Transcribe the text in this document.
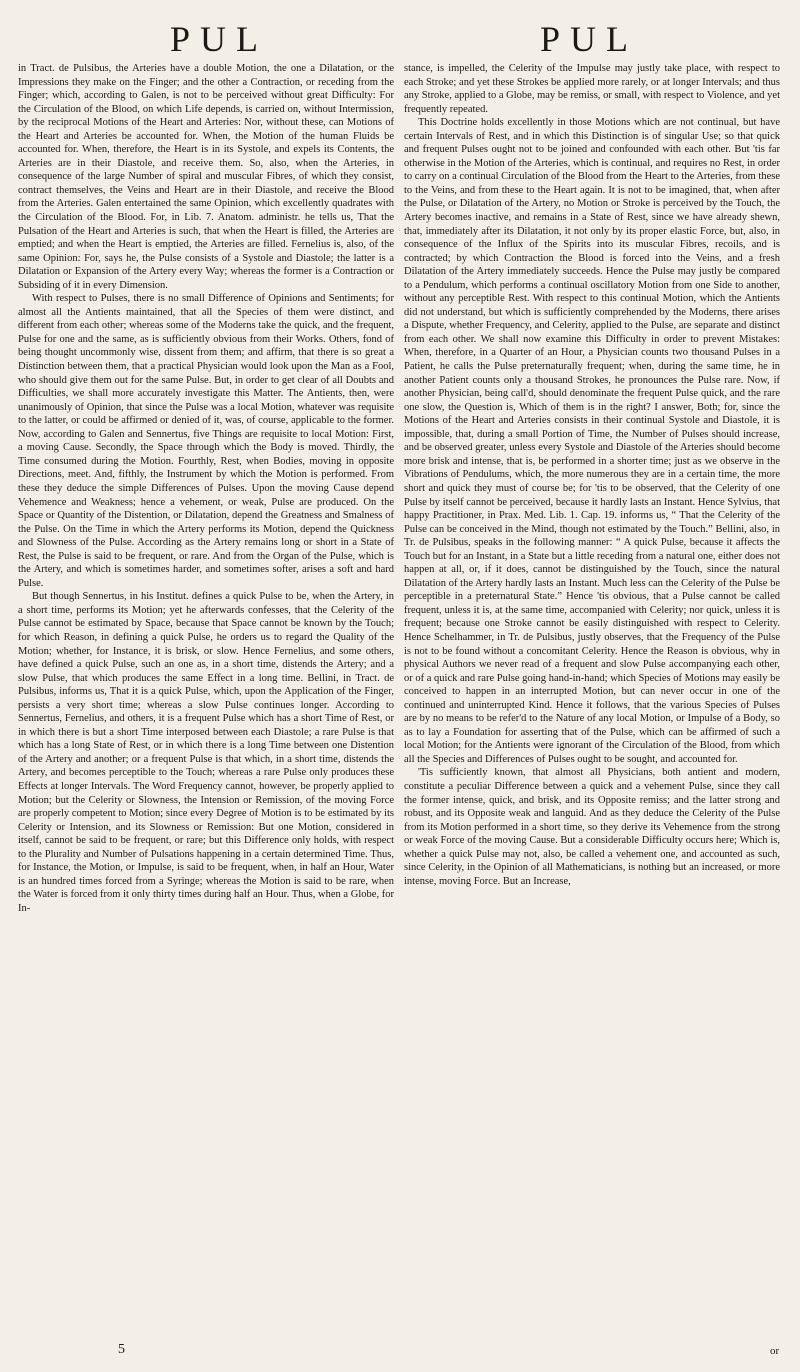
PUL	PUL

in Tract. de Pulsibus, the Arteries have a double Motion, the one a Dilatation, or the Impressions they make on the Finger; and the other a Contraction, or receding from the Finger; which, according to Galen, is not to be perceived without great Difficulty: For the Circulation of the Blood, on which Life depends, is carried on, without Intermission, by the reciprocal Motions of the Heart and Arteries: Nor, without these, can Motions of the Heart and Arteries be accounted for. When, the Motion of the human Fluids be accounted for. When, therefore, the Heart is in its Systole, and expels its Contents, the Arteries are in their Diastole, and receive them. So, also, when the Arteries, in consequence of the large Number of spiral and muscular Fibres, of which they consist, contract themselves, the Veins and Heart are in their Diastole, and receive the Blood from the Arteries. Galen entertained the same Opinion, which excellently quadrates with the Circulation of the Blood. For, in Lib. 7. Anatom. administr. he tells us, That the Pulsation of the Heart and Arteries is such, that when the Heart is filled, the Arteries are emptied; and when the Heart is emptied, the Arteries are filled. Fernelius is, also, of the same Opinion: For, says he, the Pulse consists of a Systole and Diastole; the latter is a Dilatation or Expansion of the Artery every Way; whereas the former is a Contraction or Subsiding of it in every Dimension.

With respect to Pulses, there is no small Difference of Opinions and Sentiments; for almost all the Antients maintained, that all the Species of them were distinct, and different from each other; whereas some of the Moderns take the quick, and the frequent, Pulse for one and the same, as is sufficiently obvious from their Works. Others, fond of being thought uncommonly wise, dissent from them; and affirm, that there is so great a Distinction between them, that a practical Physician would look upon the Man as a Fool, who should give them out for the same Pulse. But, in order to get clear of all Doubts and Difficulties, we shall more accurately investigate this Matter. The Antients, then, were unanimously of Opinion, that since the Pulse was a local Motion, whatever was requisite to the latter, or could be affirmed or denied of it, was, of course, applicable to the former. Now, according to Galen and Sennertus, five Things are requisite to local Motion: First, a moving Cause. Secondly, the Space through which the Body is moved. Thirdly, the Time consumed during the Motion. Fourthly, Rest, when Bodies, moving in opposite Directions, meet. And, fifthly, the Instrument by which the Motion is performed. From these they deduce the simple Differences of Pulses. Upon the moving Cause depend Vehemence and Weakness; hence a vehement, or weak, Pulse are produced. On the Space or Quantity of the Distention, or Dilatation, depend the Greatness and Smalness of the Pulse. On the Time in which the Artery performs its Motion, depend the Quickness and Slowness of the Pulse. According as the Artery remains long or short in a State of Rest, the Pulse is said to be frequent, or rare. And from the Organ of the Pulse, which is the Artery, and which is sometimes harder, and sometimes softer, arises a soft and hard Pulse.

But though Sennertus, in his Institut. defines a quick Pulse to be, when the Artery, in a short time, performs its Motion; yet he afterwards confesses, that the Celerity of the Pulse cannot be estimated by Space, because that Space cannot be known by the Touch; for which Reason, in defining a quick Pulse, he orders us to regard the Quality of the Motion; whether, for Instance, it is brisk, or slow. Hence Fernelius, and some others, have defined a quick Pulse, such an one as, in a short time, distends the Artery; and a slow Pulse, that which produces the same Effect in a long time. Bellini, in Tract. de Pulsibus, informs us, That it is a quick Pulse, which, upon the Application of the Finger, persists a very short time; whereas a slow Pulse continues longer. According to Sennertus, Fernelius, and others, it is a frequent Pulse which has a short Time of Rest, or in which there is but a short Time interposed between each Diastole; a rare Pulse is that which has a long State of Rest, or in which there is a long Time between one Distention of the Artery and another; or a frequent Pulse is that which, in a short time, distends the Artery, and becomes perceptible to the Touch; whereas a rare Pulse only produces these Effects at longer Intervals. The Word Frequency cannot, however, be properly applied to Motion; but the Celerity or Slowness, the Intension or Remission, of the moving Force are properly competent to Motion; since every Degree of Motion is to be estimated by its Celerity or Intension, and its Slowness or Remission: But one Motion, considered in itself, cannot be said to be frequent, or rare; but this Difference only holds, with respect to the Plurality and Number of Pulsations happening in a certain determined Time. Thus, for Instance, the Motion, or Impulse, is said to be frequent, when, in half an Hour, Water is an hundred times forced from a Syringe; whereas the Motion is said to be rare, when the Water is forced from it only thirty times during half an Hour. Thus, when a Globe, for In-

stance, is impelled, the Celerity of the Impulse may justly take place, with respect to each Stroke; and yet these Strokes be applied more rarely, or at longer Intervals; and thus any Stroke, applied to a Globe, may be remiss, or small, with respect to Violence, and yet frequently repeated.

This Doctrine holds excellently in those Motions which are not continual, but have certain Intervals of Rest, and in which this Distinction is of singular Use; so that quick and frequent Pulses ought not to be joined and confounded with each other. But 'tis far otherwise in the Motion of the Arteries, which is continual, and requires no Rest, in order to carry on a continual Circulation of the Blood from the Heart to the Arteries, from these to the Veins, and from these to the Heart again. It is not to be imagined, that, when after the Pulse, or Dilatation of the Artery, no Motion or Stroke is perceived by the Touch, the Artery becomes inactive, and remains in a State of Rest, since we have already shewn, that, immediately after its Dilatation, it not only by its proper elastic Force, but, also, in consequence of the Influx of the Spirits into its muscular Fibres, recoils, and is contracted; by which Contraction the Blood is forced into the Veins, and a fresh Dilatation of the Artery immediately succeeds. Hence the Pulse may justly be compared to a Pendulum, which performs a continual oscillatory Motion from one Side to another, without any perceptible Rest. With respect to this continual Motion, which the Antients did not understand, but which is sufficiently comprehended by the Moderns, there arises a Dispute, whether Frequency, and Celerity, applied to the Pulse, are separate and distinct from each other. We shall now examine this Difficulty in order to prevent Mistakes: When, therefore, in a Quarter of an Hour, a Physician counts two thousand Pulses in a Patient, he calls the Pulse preternaturally frequent; when, during the same time, he in another Patient counts only a thousand Strokes, he pronounces the Pulse rare. Now, if another Physician, being call'd, should denominate the frequent Pulse quick, and the rare one slow, the Question is, Which of them is in the right? I answer, Both; for, since the Motions of the Heart and Arteries consists in their continual Systole and Diastole, it is impossible, that, during a small Portion of Time, the Number of Pulses should increase, and be observed greater, unless every Systole and Diastole of the Arteries should become more brisk and intense, that is, be performed in a shorter time; just as we observe in the Vibrations of Pendulums, which, the more numerous they are in a certain time, the more short and quick they must of course be; for 'tis to be observed, that the Celerity of one Pulse by itself cannot be perceived, because it hardly lasts an Instant. Hence Sylvius, that happy Practitioner, in Prax. Med. Lib. 1. Cap. 19. informs us, “ That the Celerity of the Pulse can be conceived in the Mind, though not estimated by the Touch.” Bellini, also, in Tr. de Pulsibus, speaks in the following manner: “ A quick Pulse, because it affects the Touch but for an Instant, in a State but a little receding from a natural one, either does not happen at all, or, if it does, cannot be distinguished by the Touch, since the natural Dilatation of the Artery hardly lasts an Instant. Much less can the Celerity of the Pulse be perceptible in a preternatural State.” Hence 'tis obvious, that a Pulse cannot be called frequent, unless it is, at the same time, accompanied with Celerity; nor quick, unless it is frequent; because one Stroke cannot be easily distinguished with respect to Celerity. Hence Schelhammer, in Tr. de Pulsibus, justly observes, that the Frequency of the Pulse is not to be found without a concomitant Celerity. Hence the Reason is obvious, why in physical Authors we never read of a frequent and slow Pulse accompanying each other, or of a quick and rare Pulse going hand-in-hand; which Species of Motions may easily be conceived to happen in an interrupted Motion, but can never occur in one of the continued and uninterrupted Kind. Hence it follows, that the various Species of Pulses are by no means to be refer'd to the Nature of any local Motion, or Impulse of a Body, so as to lay a Foundation for asserting that of the Pulse, which can be affirmed of such a local Motion; for the Antients were ignorant of the Circulation of the Blood, from which all the Species and Differences of Pulses ought to be sought, and accounted for.

'Tis sufficiently known, that almost all Physicians, both antient and modern, constitute a peculiar Difference between a quick and a vehement Pulse, since they call the former intense, quick, and brisk, and its Opposite remiss; and the latter strong and robust, and its Opposite weak and languid. And as they deduce the Celerity of the Pulse from its Motion performed in a short time, so they derive its Vehemence from the strong or weak Force of the moving Cause. But a considerable Difficulty occurs here; Which is, whether a quick Pulse may not, also, be called a vehement one, and accounted as such, since Celerity, in the Opinion of all Mathematicians, is nothing but an increased, or more intense, moving Force. But an Increase,

5	or
